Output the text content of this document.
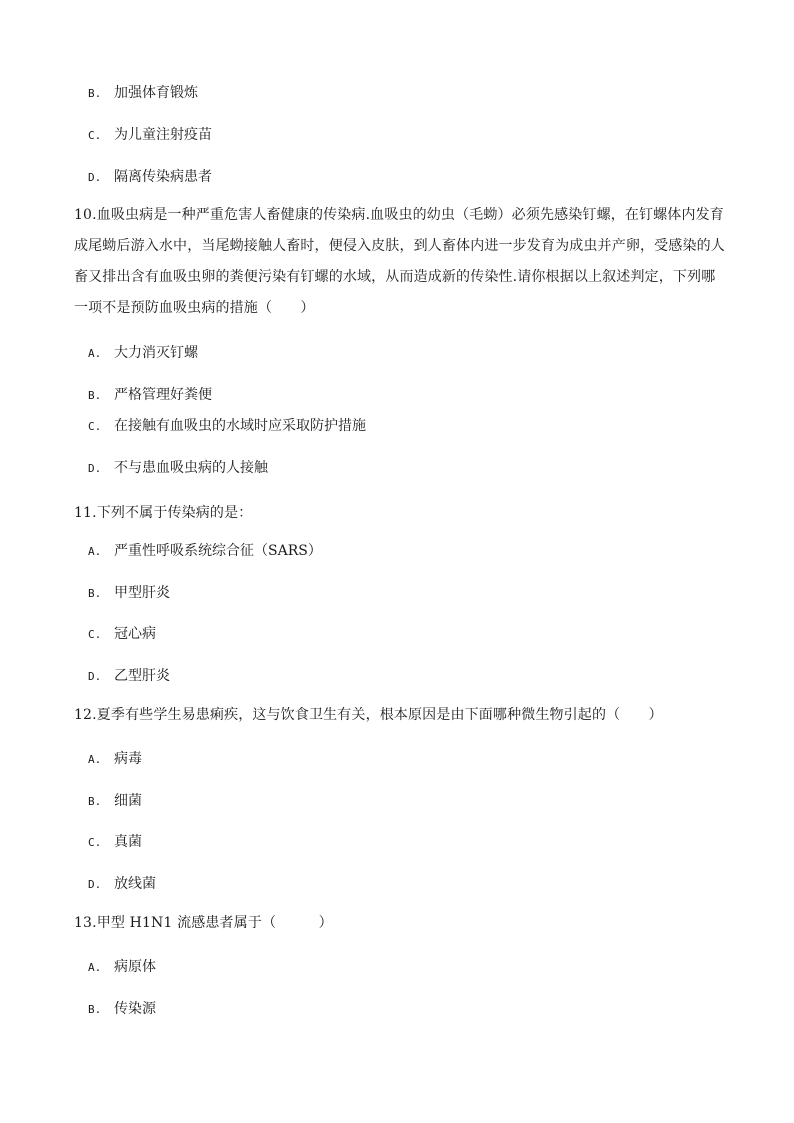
B. 加强体育锻炼
C. 为儿童注射疫苗
D. 隔离传染病患者
10.血吸虫病是一种严重危害人畜健康的传染病.血吸虫的幼虫（毛蚴）必须先感染钉螺，在钉螺体内发育
成尾蚴后游入水中，当尾蚴接触人畜时，便侵入皮肤，到人畜体内进一步发育为成虫并产卵，受感染的人
畜又排出含有血吸虫卵的粪便污染有钉螺的水域，从而造成新的传染性.请你根据以上叙述判定，下列哪
一项不是预防血吸虫病的措施（　　）
A. 大力消灭钉螺
B. 严格管理好粪便
C. 在接触有血吸虫的水域时应采取防护措施
D. 不与患血吸虫病的人接触
11.下列不属于传染病的是：
A. 严重性呼吸系统综合征（SARS）
B. 甲型肝炎
C. 冠心病
D. 乙型肝炎
12.夏季有些学生易患痢疾，这与饮食卫生有关，根本原因是由下面哪种微生物引起的（　　）
A. 病毒
B. 细菌
C. 真菌
D. 放线菌
13.甲型 H1N1 流感患者属于（　　　）
A. 病原体
B. 传染源
